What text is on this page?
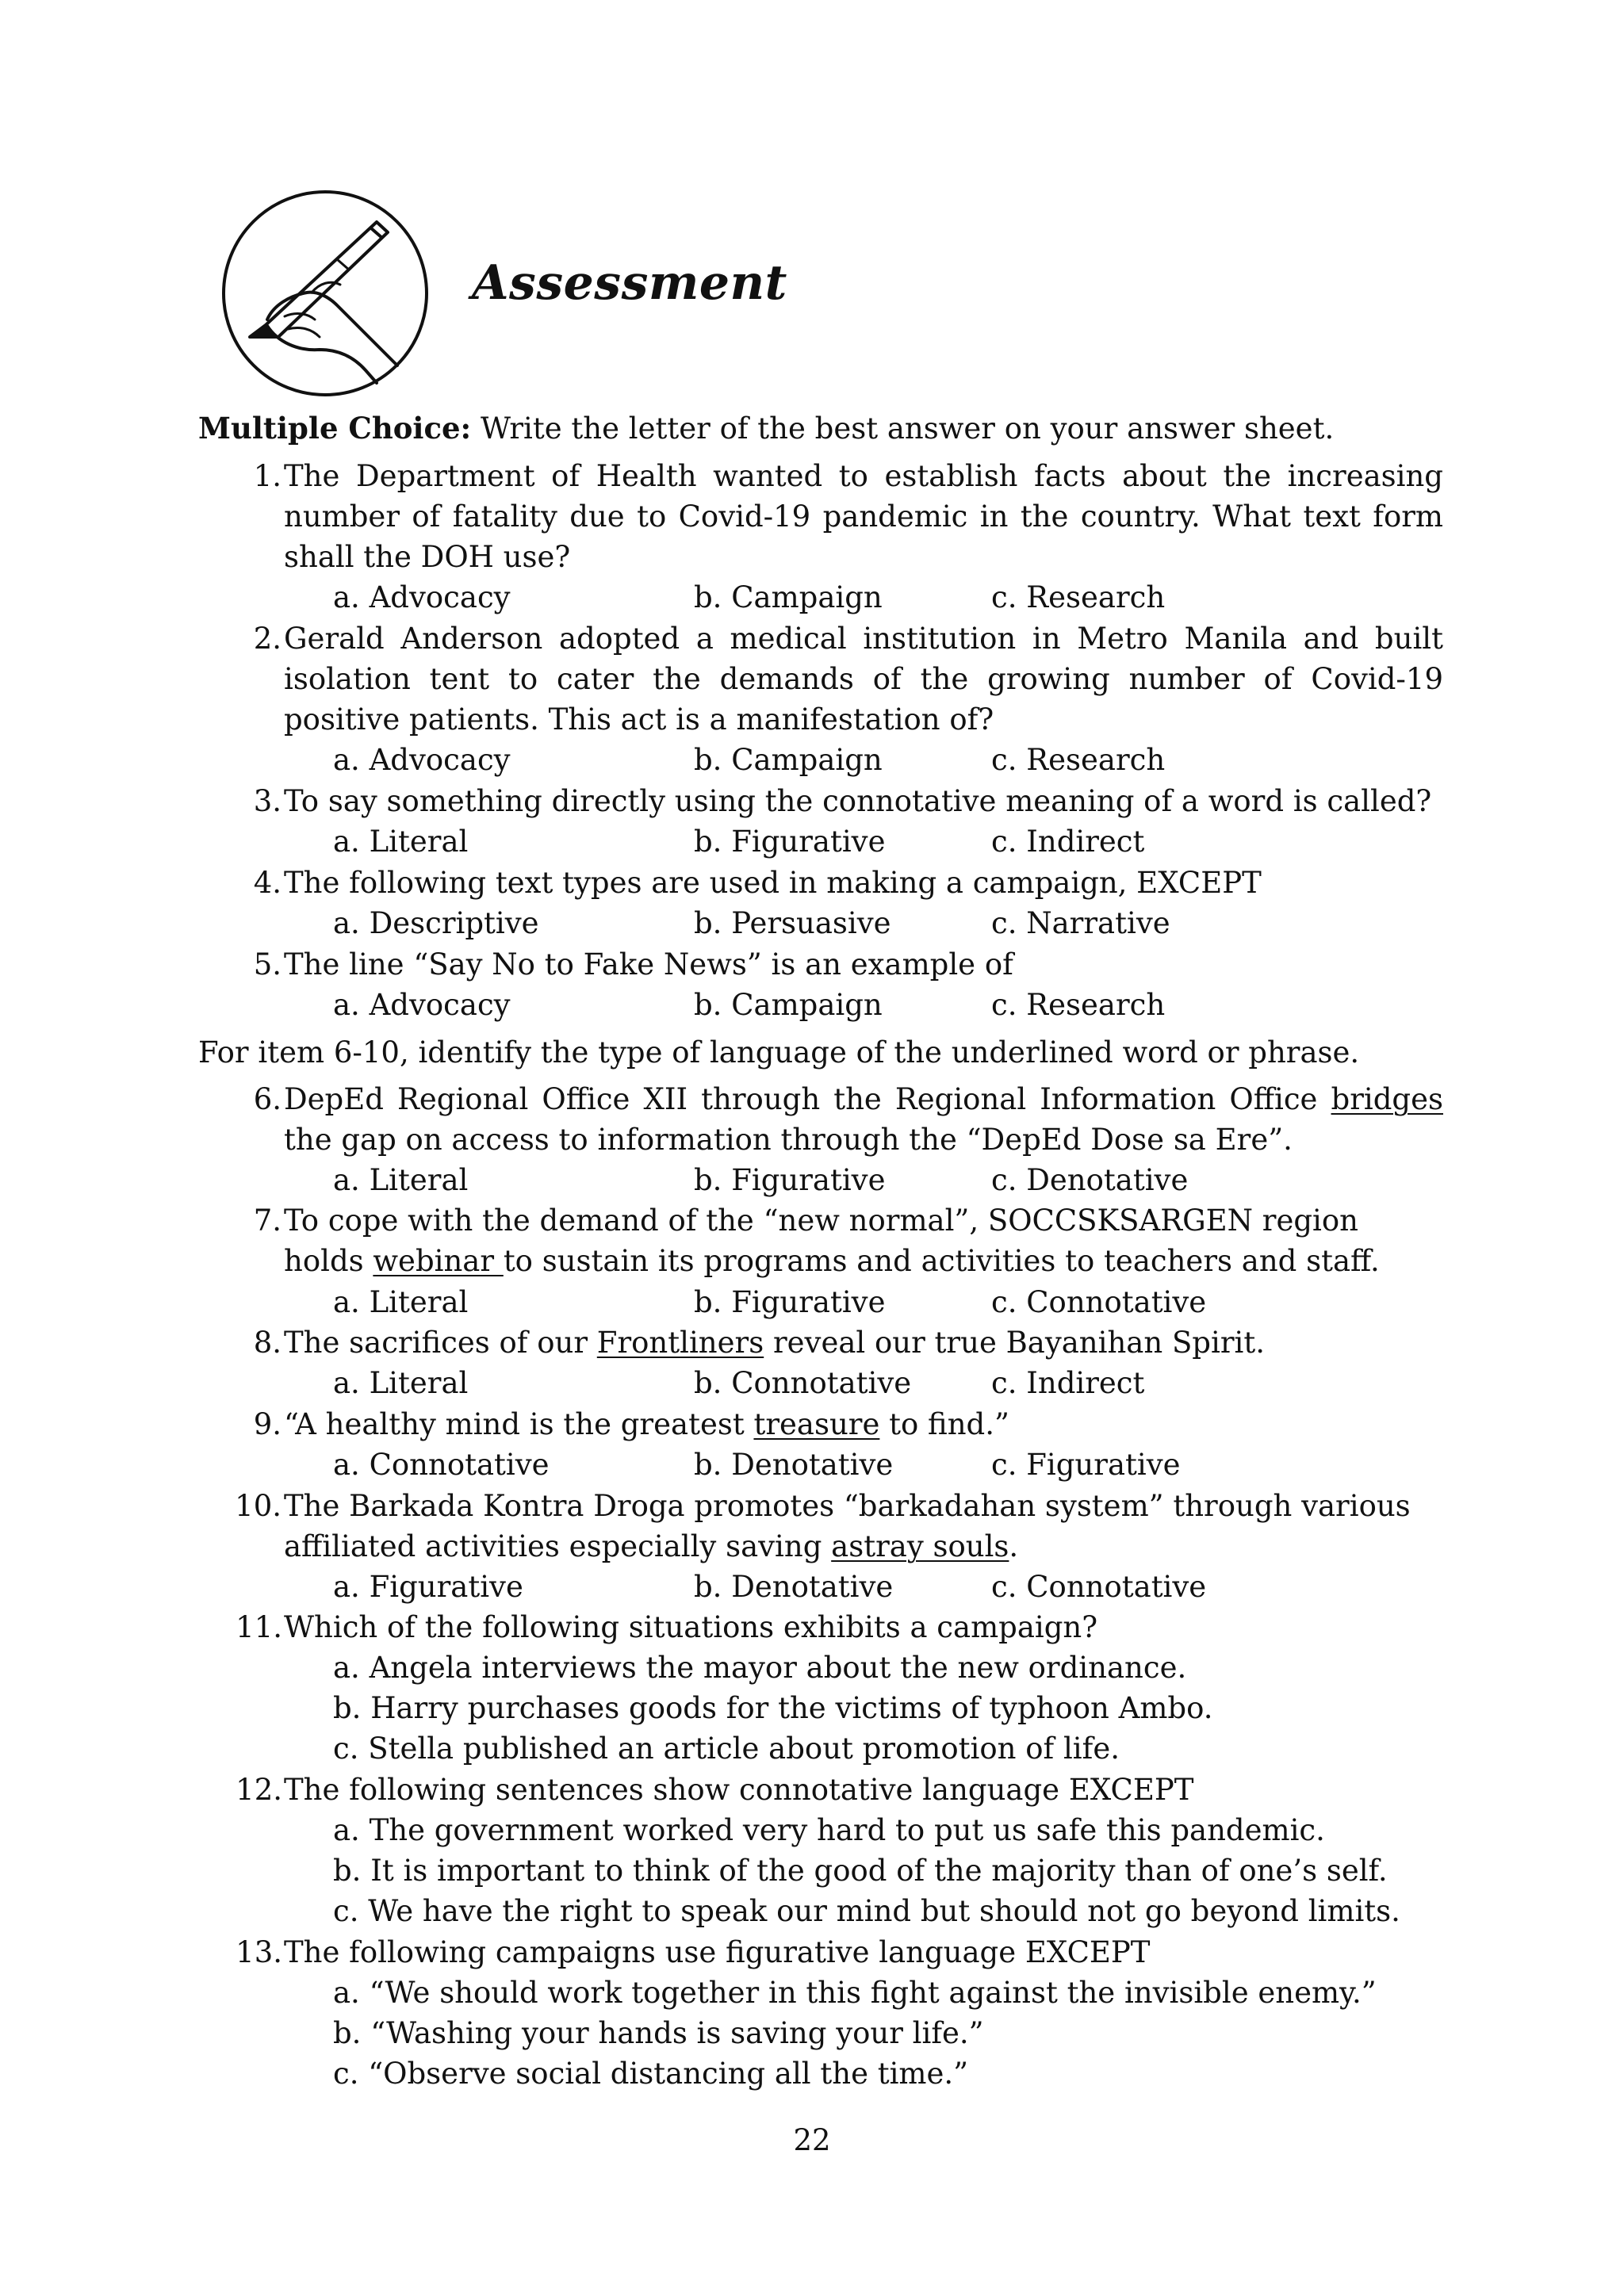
Assessment
Multiple Choice: Write the letter of the best answer on your answer sheet.
1. The Department of Health wanted to establish facts about the increasing number of fatality due to Covid-19 pandemic in the country. What text form shall the DOH use?
a. Advocacy	b. Campaign	c. Research
2. Gerald Anderson adopted a medical institution in Metro Manila and built isolation tent to cater the demands of the growing number of Covid-19 positive patients. This act is a manifestation of?
a. Advocacy	b. Campaign	c. Research
3. To say something directly using the connotative meaning of a word is called?
a. Literal	b. Figurative	c. Indirect
4. The following text types are used in making a campaign, EXCEPT
a. Descriptive	b. Persuasive	c. Narrative
5. The line “Say No to Fake News” is an example of
a. Advocacy	b. Campaign	c. Research
For item 6-10, identify the type of language of the underlined word or phrase.
6. DepEd Regional Office XII through the Regional Information Office bridges the gap on access to information through the “DepEd Dose sa Ere”.
a. Literal	b. Figurative	c. Denotative
7. To cope with the demand of the “new normal”, SOCCSKSARGEN region holds webinar to sustain its programs and activities to teachers and staff.
a. Literal	b. Figurative	c. Connotative
8. The sacrifices of our Frontliners reveal our true Bayanihan Spirit.
a. Literal	b. Connotative	c. Indirect
9. “A healthy mind is the greatest treasure to find.”
a. Connotative	b. Denotative	c. Figurative
10. The Barkada Kontra Droga promotes “barkadahan system” through various affiliated activities especially saving astray souls.
a. Figurative	b. Denotative	c. Connotative
11. Which of the following situations exhibits a campaign?
a. Angela interviews the mayor about the new ordinance.
b. Harry purchases goods for the victims of typhoon Ambo.
c. Stella published an article about promotion of life.
12. The following sentences show connotative language EXCEPT
a. The government worked very hard to put us safe this pandemic.
b. It is important to think of the good of the majority than of one’s self.
c. We have the right to speak our mind but should not go beyond limits.
13. The following campaigns use figurative language EXCEPT
a. “We should work together in this fight against the invisible enemy.”
b. “Washing your hands is saving your life.”
c. “Observe social distancing all the time.”
22
